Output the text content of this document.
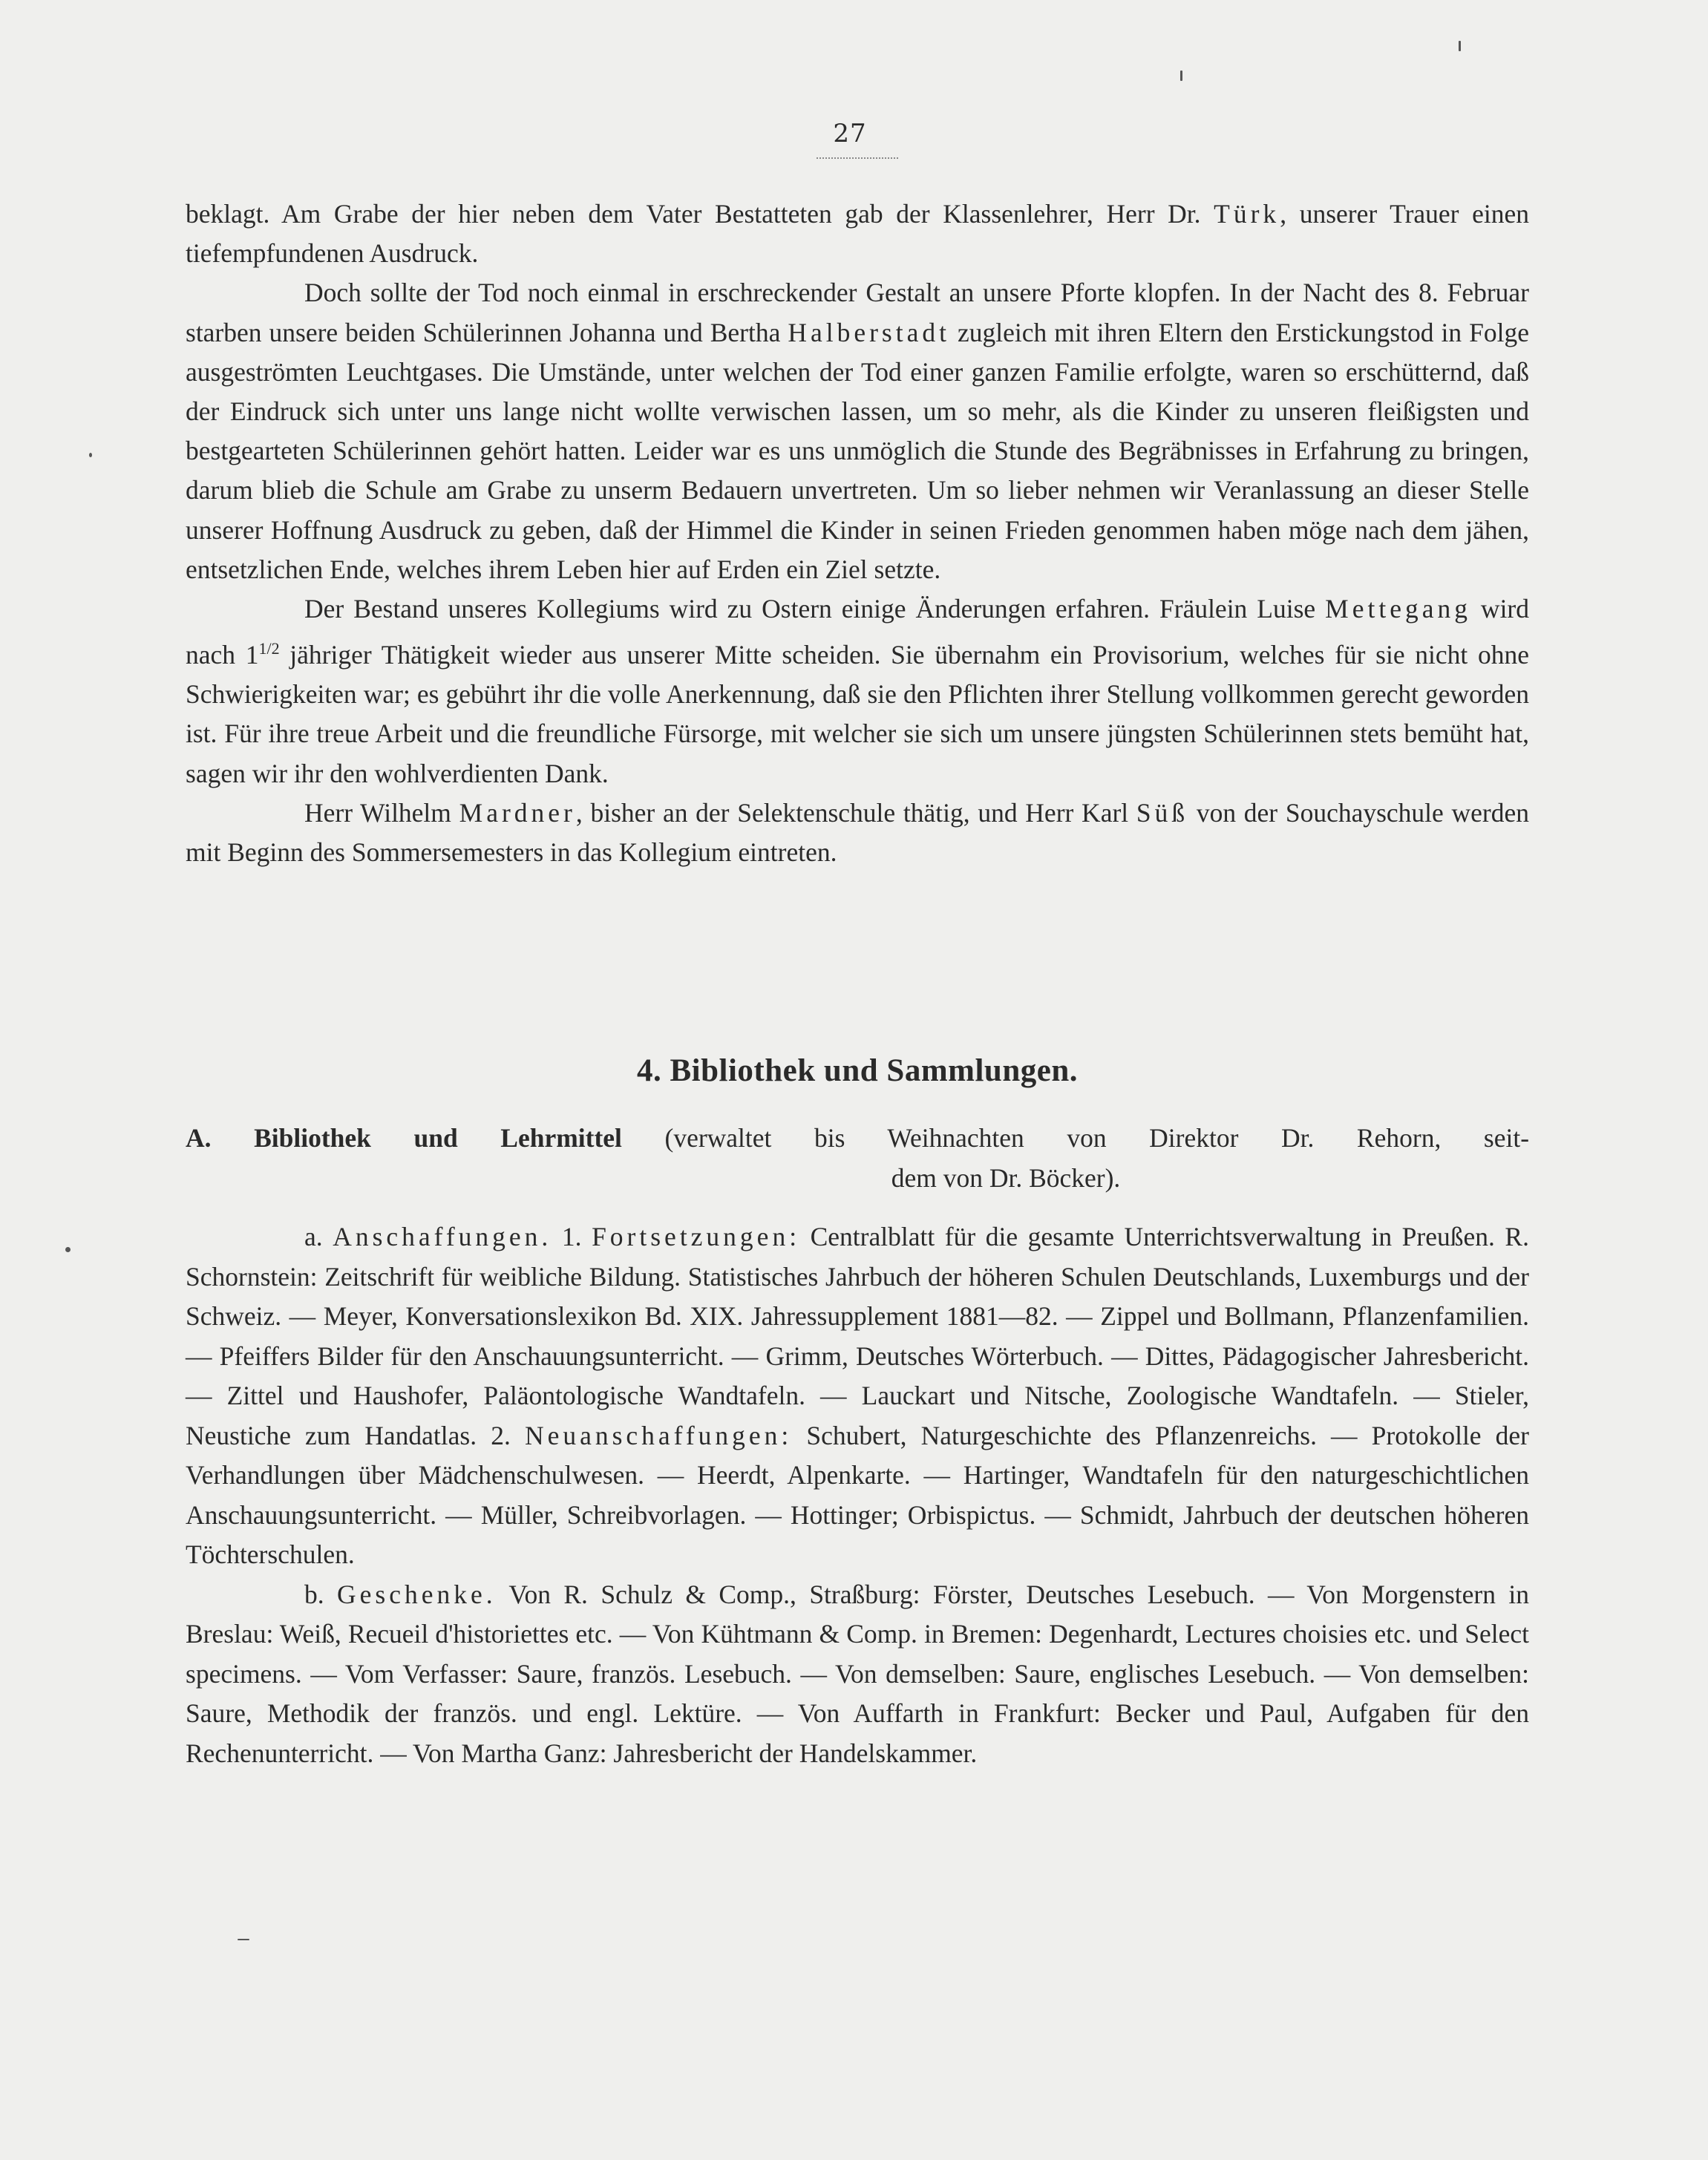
27

beklagt. Am Grabe der hier neben dem Vater Bestatteten gab der Klassenlehrer, Herr Dr. Türk, unserer Trauer einen tiefempfundenen Ausdruck.

Doch sollte der Tod noch einmal in erschreckender Gestalt an unsere Pforte klopfen. In der Nacht des 8. Februar starben unsere beiden Schülerinnen Johanna und Bertha Halberstadt zugleich mit ihren Eltern den Erstickungstod in Folge ausgeströmten Leuchtgases. Die Umstände, unter welchen der Tod einer ganzen Familie erfolgte, waren so erschütternd, daß der Eindruck sich unter uns lange nicht wollte verwischen lassen, um so mehr, als die Kinder zu unseren fleißigsten und bestgearteten Schülerinnen gehört hatten. Leider war es uns unmöglich die Stunde des Begräbnisses in Erfahrung zu bringen, darum blieb die Schule am Grabe zu unserm Bedauern unvertreten. Um so lieber nehmen wir Veranlassung an dieser Stelle unserer Hoffnung Ausdruck zu geben, daß der Himmel die Kinder in seinen Frieden genommen haben möge nach dem jähen, entsetzlichen Ende, welches ihrem Leben hier auf Erden ein Ziel setzte.

Der Bestand unseres Kollegiums wird zu Ostern einige Änderungen erfahren. Fräulein Luise Mettegang wird nach $1^{1/2}$ jähriger Thätigkeit wieder aus unserer Mitte scheiden. Sie übernahm ein Provisorium, welches für sie nicht ohne Schwierigkeiten war; es gebührt ihr die volle Anerkennung, daß sie den Pflichten ihrer Stellung vollkommen gerecht geworden ist. Für ihre treue Arbeit und die freundliche Fürsorge, mit welcher sie sich um unsere jüngsten Schülerinnen stets bemüht hat, sagen wir ihr den wohlverdienten Dank.

Herr Wilhelm Mardner, bisher an der Selektenschule thätig, und Herr Karl Süß von der Souchayschule werden mit Beginn des Sommersemesters in das Kollegium eintreten.

4. Bibliothek und Sammlungen.
A. Bibliothek und Lehrmittel (verwaltet bis Weihnachten von Direktor Dr. Rehorn, seit-
dem von Dr. Böcker).

a. Anschaffungen. 1. Fortsetzungen: Centralblatt für die gesamte Unterrichtsverwaltung in Preußen. R. Schornstein: Zeitschrift für weibliche Bildung. Statistisches Jahrbuch der höheren Schulen Deutschlands, Luxemburgs und der Schweiz. — Meyer, Konversationslexikon Bd. XIX. Jahressupplement 1881—82. — Zippel und Bollmann, Pflanzenfamilien. — Pfeiffers Bilder für den Anschauungsunterricht. — Grimm, Deutsches Wörterbuch. — Dittes, Pädagogischer Jahresbericht. — Zittel und Haushofer, Paläontologische Wandtafeln. — Lauckart und Nitsche, Zoologische Wandtafeln. — Stieler, Neustiche zum Handatlas. 2. Neuanschaffungen: Schubert, Naturgeschichte des Pflanzenreichs. — Protokolle der Verhandlungen über Mädchenschulwesen. — Heerdt, Alpenkarte. — Hartinger, Wandtafeln für den naturgeschichtlichen Anschauungsunterricht. — Müller, Schreibvorlagen. — Hottinger; Orbispictus. — Schmidt, Jahrbuch der deutschen höheren Töchterschulen.

b. Geschenke. Von R. Schulz & Comp., Straßburg: Förster, Deutsches Lesebuch. — Von Morgenstern in Breslau: Weiß, Recueil d'historiettes etc. — Von Kühtmann & Comp. in Bremen: Degenhardt, Lectures choisies etc. und Select specimens. — Vom Verfasser: Saure, französ. Lesebuch. — Von demselben: Saure, englisches Lesebuch. — Von demselben: Saure, Methodik der französ. und engl. Lektüre. — Von Auffarth in Frankfurt: Becker und Paul, Aufgaben für den Rechenunterricht. — Von Martha Ganz: Jahresbericht der Handelskammer.
